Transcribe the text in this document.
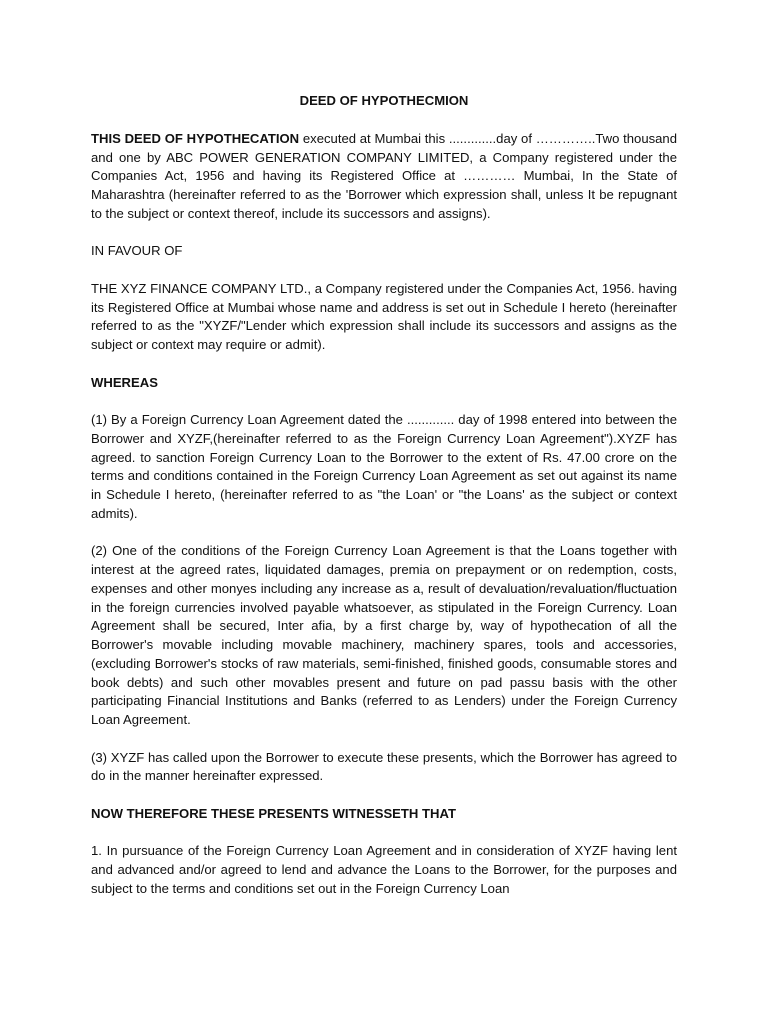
DEED OF HYPOTHECMION

THIS DEED OF HYPOTHECATION executed at Mumbai this .............day of …………..Two thousand and one by ABC POWER GENERATION COMPANY LIMITED, a Company registered under the Companies Act, 1956 and having its Registered Office at ………… Mumbai, In the State of Maharashtra (hereinafter referred to as the 'Borrower which expression shall, unless It be repugnant to the subject or context thereof, include its successors and assigns).

IN FAVOUR OF

THE XYZ FINANCE COMPANY LTD., a Company registered under the Companies Act, 1956. having its Registered Office at Mumbai whose name and address is set out in Schedule I hereto (hereinafter referred to as the "XYZF/"Lender which expression shall include its successors and assigns as the subject or context may require or admit).

WHEREAS

(1) By a Foreign Currency Loan Agreement dated the ............. day of 1998 entered into between the Borrower and XYZF,(hereinafter referred to as the Foreign Currency Loan Agreement").XYZF has agreed. to sanction Foreign Currency Loan to the Borrower to the extent of Rs. 47.00 crore on the terms and conditions contained in the Foreign Currency Loan Agreement as set out against its name in Schedule I hereto, (hereinafter referred to as "the Loan' or "the Loans' as the subject or context admits).

(2) One of the conditions of the Foreign Currency Loan Agreement is that the Loans together with interest at the agreed rates, liquidated damages, premia on prepayment or on redemption, costs, expenses and other monyes including any increase as a, result of devaluation/revaluation/fluctuation in the foreign currencies involved payable whatsoever, as stipulated in the Foreign Currency. Loan Agreement shall be secured, Inter afia, by a first charge by, way of hypothecation of all the Borrower's movable including movable machinery, machinery spares, tools and accessories, (excluding Borrower's stocks of raw materials, semi-finished, finished goods, consumable stores and book debts) and such other movables present and future on pad passu basis with the other participating Financial Institutions and Banks (referred to as Lenders) under the Foreign Currency Loan Agreement.

(3) XYZF has called upon the Borrower to execute these presents, which the Borrower has agreed to do in the manner hereinafter expressed.

NOW THEREFORE THESE PRESENTS WITNESSETH THAT

1. In pursuance of the Foreign Currency Loan Agreement and in consideration of XYZF having lent and advanced and/or agreed to lend and advance the Loans to the Borrower, for the purposes and subject to the terms and conditions set out in the Foreign Currency Loan
